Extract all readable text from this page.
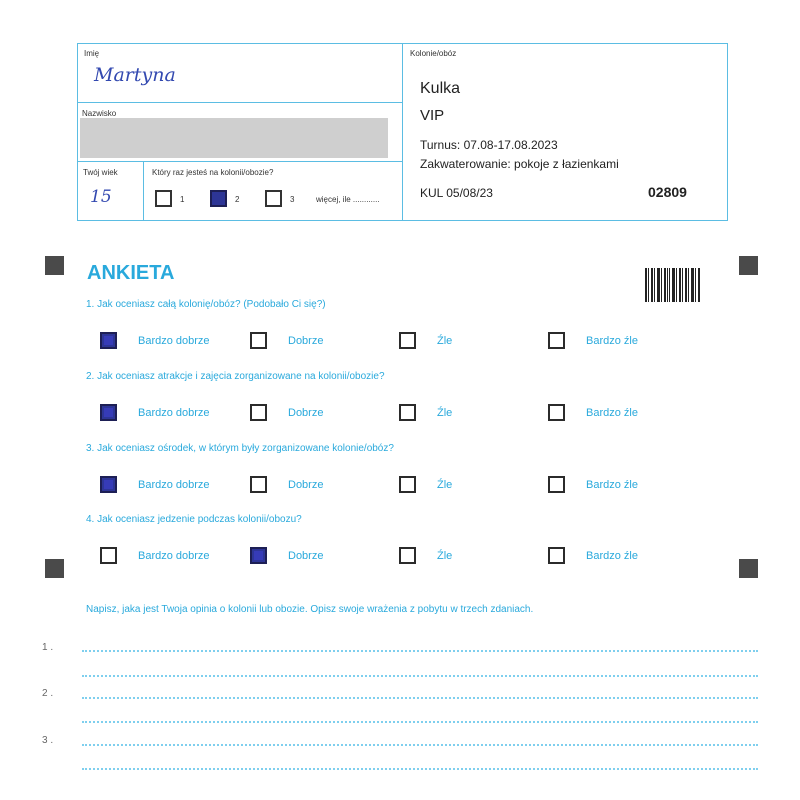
Imię
Martyna
Nazwisko
Twój wiek
15
Który raz jesteś na kolonii/obozie?
1	2	3	więcej, ile ............
Kolonie/obóz
Kulka
VIP
Turnus: 07.08-17.08.2023
Zakwaterowanie: pokoje z łazienkami
KUL 05/08/23	02809
ANKIETA
1. Jak oceniasz całą kolonię/obóz? (Podobało Ci się?)
Bardzo dobrze	Dobrze	Źle	Bardzo źle
2. Jak oceniasz atrakcje i zajęcia zorganizowane na kolonii/obozie?
Bardzo dobrze	Dobrze	Źle	Bardzo źle
3. Jak oceniasz ośrodek, w którym były zorganizowane kolonie/obóz?
Bardzo dobrze	Dobrze	Źle	Bardzo źle
4. Jak oceniasz jedzenie podczas kolonii/obozu?
Bardzo dobrze	Dobrze	Źle	Bardzo źle
Napisz, jaka jest Twoja opinia o kolonii lub obozie. Opisz swoje wrażenia z pobytu w trzech zdaniach.
1 .
2 .
3 .
